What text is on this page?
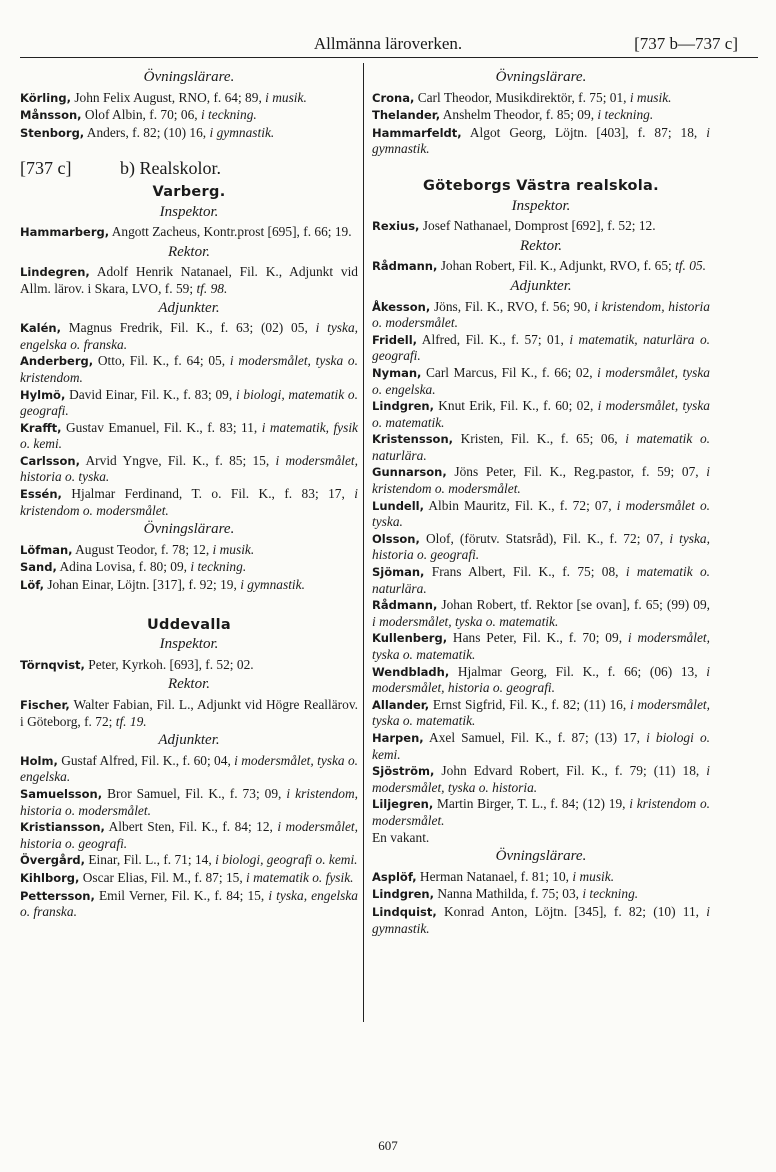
Allmänna läroverken.	[737 b—737 c]
Övningslärare.

Körling, John Felix August, RNO, f. 64; 89, i musik.

Månsson, Olof Albin, f. 70; 06, i teckning.

Stenborg, Anders, f. 82; (10) 16, i gymnastik.

[737 c]	b) Realskolor.
Varberg.
Inspektor.

Hammarberg, Angott Zacheus, Kontr.prost [695], f. 66; 19.

Rektor.

Lindegren, Adolf Henrik Natanael, Fil. K., Adjunkt vid Allm. lärov. i Skara, LVO, f. 59; tf. 98.

Adjunkter.

Kalén, Magnus Fredrik, Fil. K., f. 63; (02) 05, i tyska, engelska o. franska.

Anderberg, Otto, Fil. K., f. 64; 05, i modersmålet, tyska o. kristendom.

Hylmö, David Einar, Fil. K., f. 83; 09, i biologi, matematik o. geografi.

Krafft, Gustav Emanuel, Fil. K., f. 83; 11, i matematik, fysik o. kemi.

Carlsson, Arvid Yngve, Fil. K., f. 85; 15, i modersmålet, historia o. tyska.

Essén, Hjalmar Ferdinand, T. o. Fil. K., f. 83; 17, i kristendom o. modersmålet.

Övningslärare.

Löfman, August Teodor, f. 78; 12, i musik.

Sand, Adina Lovisa, f. 80; 09, i teckning.

Löf, Johan Einar, Löjtn. [317], f. 92; 19, i gymnastik.

Uddevalla
Inspektor.

Törnqvist, Peter, Kyrkoh. [693], f. 52; 02.

Rektor.

Fischer, Walter Fabian, Fil. L., Adjunkt vid Högre Reallärov. i Göteborg, f. 72; tf. 19.

Adjunkter.

Holm, Gustaf Alfred, Fil. K., f. 60; 04, i modersmålet, tyska o. engelska.

Samuelsson, Bror Samuel, Fil. K., f. 73; 09, i kristendom, historia o. modersmålet.

Kristiansson, Albert Sten, Fil. K., f. 84; 12, i modersmålet, historia o. geografi.

Övergård, Einar, Fil. L., f. 71; 14, i biologi, geografi o. kemi.

Kihlborg, Oscar Elias, Fil. M., f. 87; 15, i matematik o. fysik.

Pettersson, Emil Verner, Fil. K., f. 84; 15, i tyska, engelska o. franska.

Övningslärare.

Crona, Carl Theodor, Musikdirektör, f. 75; 01, i musik.

Thelander, Anshelm Theodor, f. 85; 09, i teckning.

Hammarfeldt, Algot Georg, Löjtn. [403], f. 87; 18, i gymnastik.

Göteborgs Västra realskola.
Inspektor.

Rexius, Josef Nathanael, Domprost [692], f. 52; 12.

Rektor.

Rådmann, Johan Robert, Fil. K., Adjunkt, RVO, f. 65; tf. 05.

Adjunkter.

Åkesson, Jöns, Fil. K., RVO, f. 56; 90, i kristendom, historia o. modersmålet.

Fridell, Alfred, Fil. K., f. 57; 01, i matematik, naturlära o. geografi.

Nyman, Carl Marcus, Fil K., f. 66; 02, i modersmålet, tyska o. engelska.

Lindgren, Knut Erik, Fil. K., f. 60; 02, i modersmålet, tyska o. matematik.

Kristensson, Kristen, Fil. K., f. 65; 06, i matematik o. naturlära.

Gunnarson, Jöns Peter, Fil. K., Reg.pastor, f. 59; 07, i kristendom o. modersmålet.

Lundell, Albin Mauritz, Fil. K., f. 72; 07, i modersmålet o. tyska.

Olsson, Olof, (förutv. Statsråd), Fil. K., f. 72; 07, i tyska, historia o. geografi.

Sjöman, Frans Albert, Fil. K., f. 75; 08, i matematik o. naturlära.

Rådmann, Johan Robert, tf. Rektor [se ovan], f. 65; (99) 09, i modersmålet, tyska o. matematik.

Kullenberg, Hans Peter, Fil. K., f. 70; 09, i modersmålet, tyska o. matematik.

Wendbladh, Hjalmar Georg, Fil. K., f. 66; (06) 13, i modersmålet, historia o. geografi.

Allander, Ernst Sigfrid, Fil. K., f. 82; (11) 16, i modersmålet, tyska o. matematik.

Harpen, Axel Samuel, Fil. K., f. 87; (13) 17, i biologi o. kemi.

Sjöström, John Edvard Robert, Fil. K., f. 79; (11) 18, i modersmålet, tyska o. historia.

Liljegren, Martin Birger, T. L., f. 84; (12) 19, i kristendom o. modersmålet.

En vakant.

Övningslärare.

Asplöf, Herman Natanael, f. 81; 10, i musik.

Lindgren, Nanna Mathilda, f. 75; 03, i teckning.

Lindquist, Konrad Anton, Löjtn. [345], f. 82; (10) 11, i gymnastik.

607
